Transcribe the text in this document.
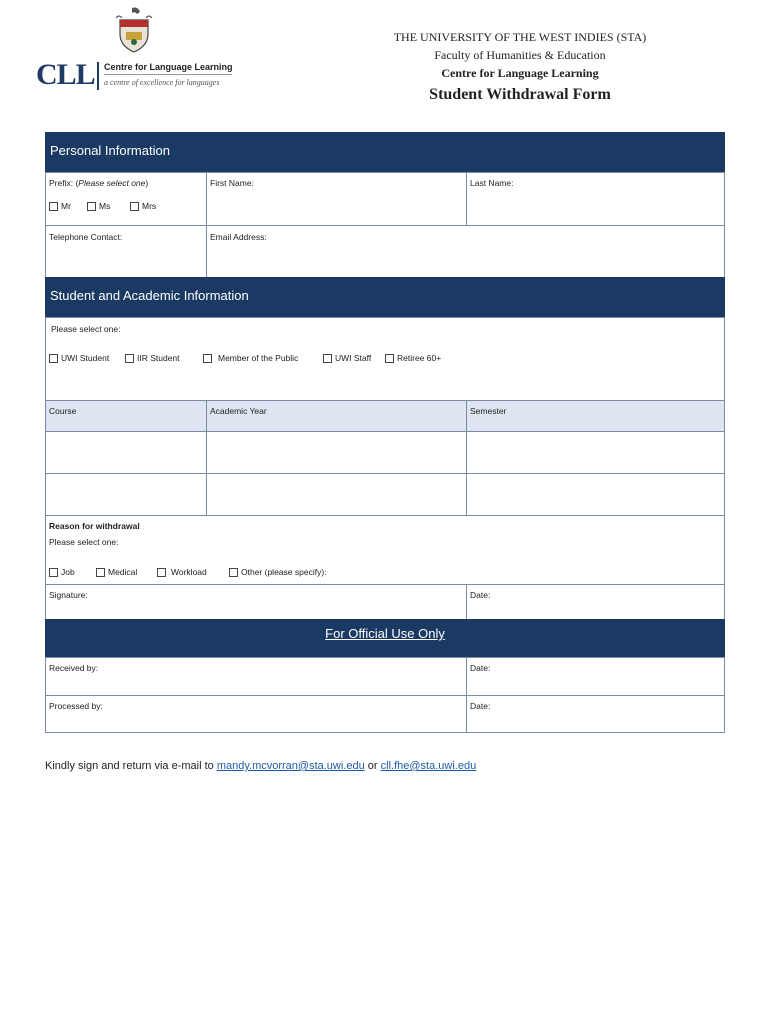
CLL Centre for Language Learning
a centre of excellence for languages
THE UNIVERSITY OF THE WEST INDIES (STA)
Faculty of Humanities & Education
Centre for Language Learning
Student Withdrawal Form
Personal Information
Prefix: (Please select one)
Mr	Ms	Mrs
First Name:	Last Name:
Telephone Contact:	Email Address:
Student and Academic Information
Please select one:
UWI Student	IIR Student	Member of the Public	UWI Staff	Retiree 60+
Course	Academic Year	Semester
Reason for withdrawal
Please select one:
Job	Medical	Workload	Other (please specify):
Signature:	Date:
For Official Use Only
Received by:	Date:
Processed by:	Date:
Kindly sign and return via e-mail to mandy.mcvorran@sta.uwi.edu or cll.fhe@sta.uwi.edu
